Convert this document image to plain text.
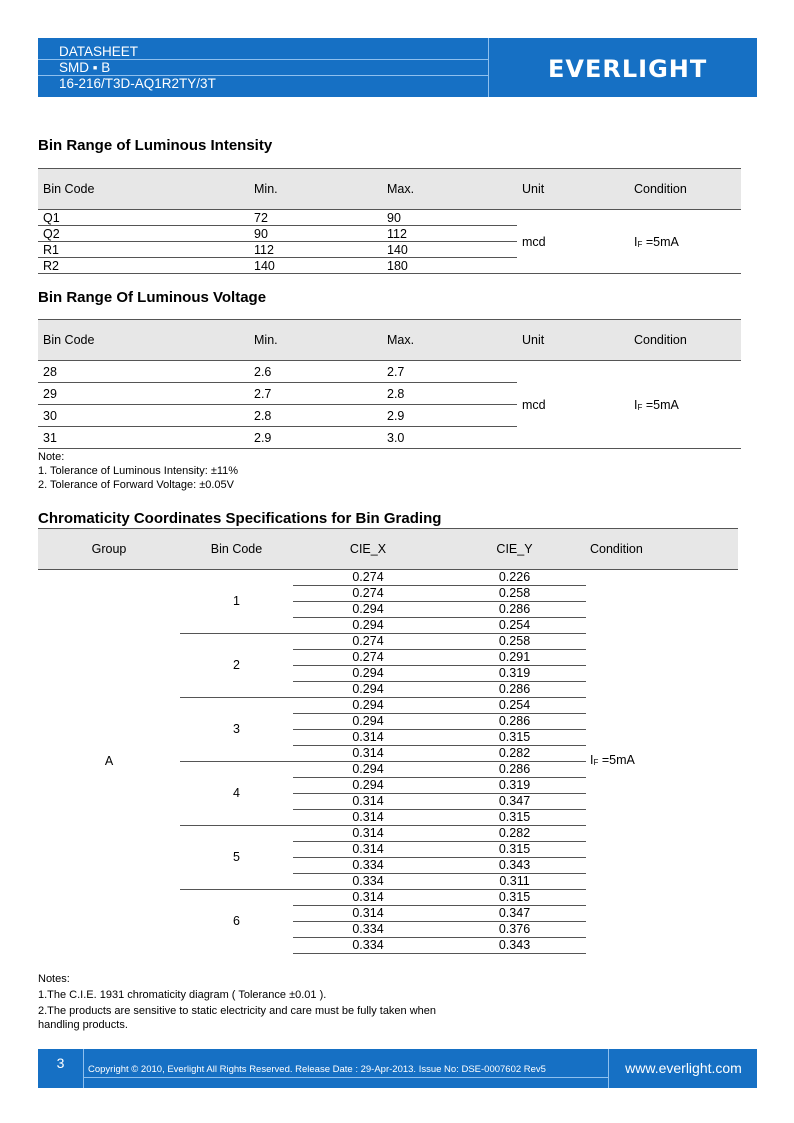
DATASHEET
SMD ▪ B
16-216/T3D-AQ1R2TY/3T
EVERLIGHT
Bin Range of Luminous Intensity
Bin Code	Min.	Max.	Unit	Condition
Q1	72	90	mcd	$I_F =5mA$
Q2	90	112		
R1	112	140		
R2	140	180		
Bin Range Of Luminous Voltage
Bin Code	Min.	Max.	Unit	Condition
28	2.6	2.7	mcd	$I_F =5mA$
29	2.7	2.8		
30	2.8	2.9		
31	2.9	3.0		
Note:
1. Tolerance of Luminous Intensity: ±11%
2. Tolerance of Forward Voltage: ±0.05V
Chromaticity Coordinates Specifications for Bin Grading
Group	Bin Code	CIE_X	CIE_Y	Condition
A	1	0.274	0.226	$I_F =5mA$
		0.274	0.258	
		0.294	0.286	
		0.294	0.254	
	2	0.274	0.258	
		0.274	0.291	
		0.294	0.319	
		0.294	0.286	
	3	0.294	0.254	
		0.294	0.286	
		0.314	0.315	
		0.314	0.282	
	4	0.294	0.286	
		0.294	0.319	
		0.314	0.347	
		0.314	0.315	
	5	0.314	0.282	
		0.314	0.315	
		0.334	0.343	
		0.334	0.311	
	6	0.314	0.315	
		0.314	0.347	
		0.334	0.376	
		0.334	0.343	
Notes:
1.The C.I.E. 1931 chromaticity diagram ( Tolerance ±0.01 ).
2.The products are sensitive to static electricity and care must be fully taken when
handling products.
3	Copyright © 2010, Everlight All Rights Reserved. Release Date : 29-Apr-2013. Issue No: DSE-0007602 Rev5	www.everlight.com
